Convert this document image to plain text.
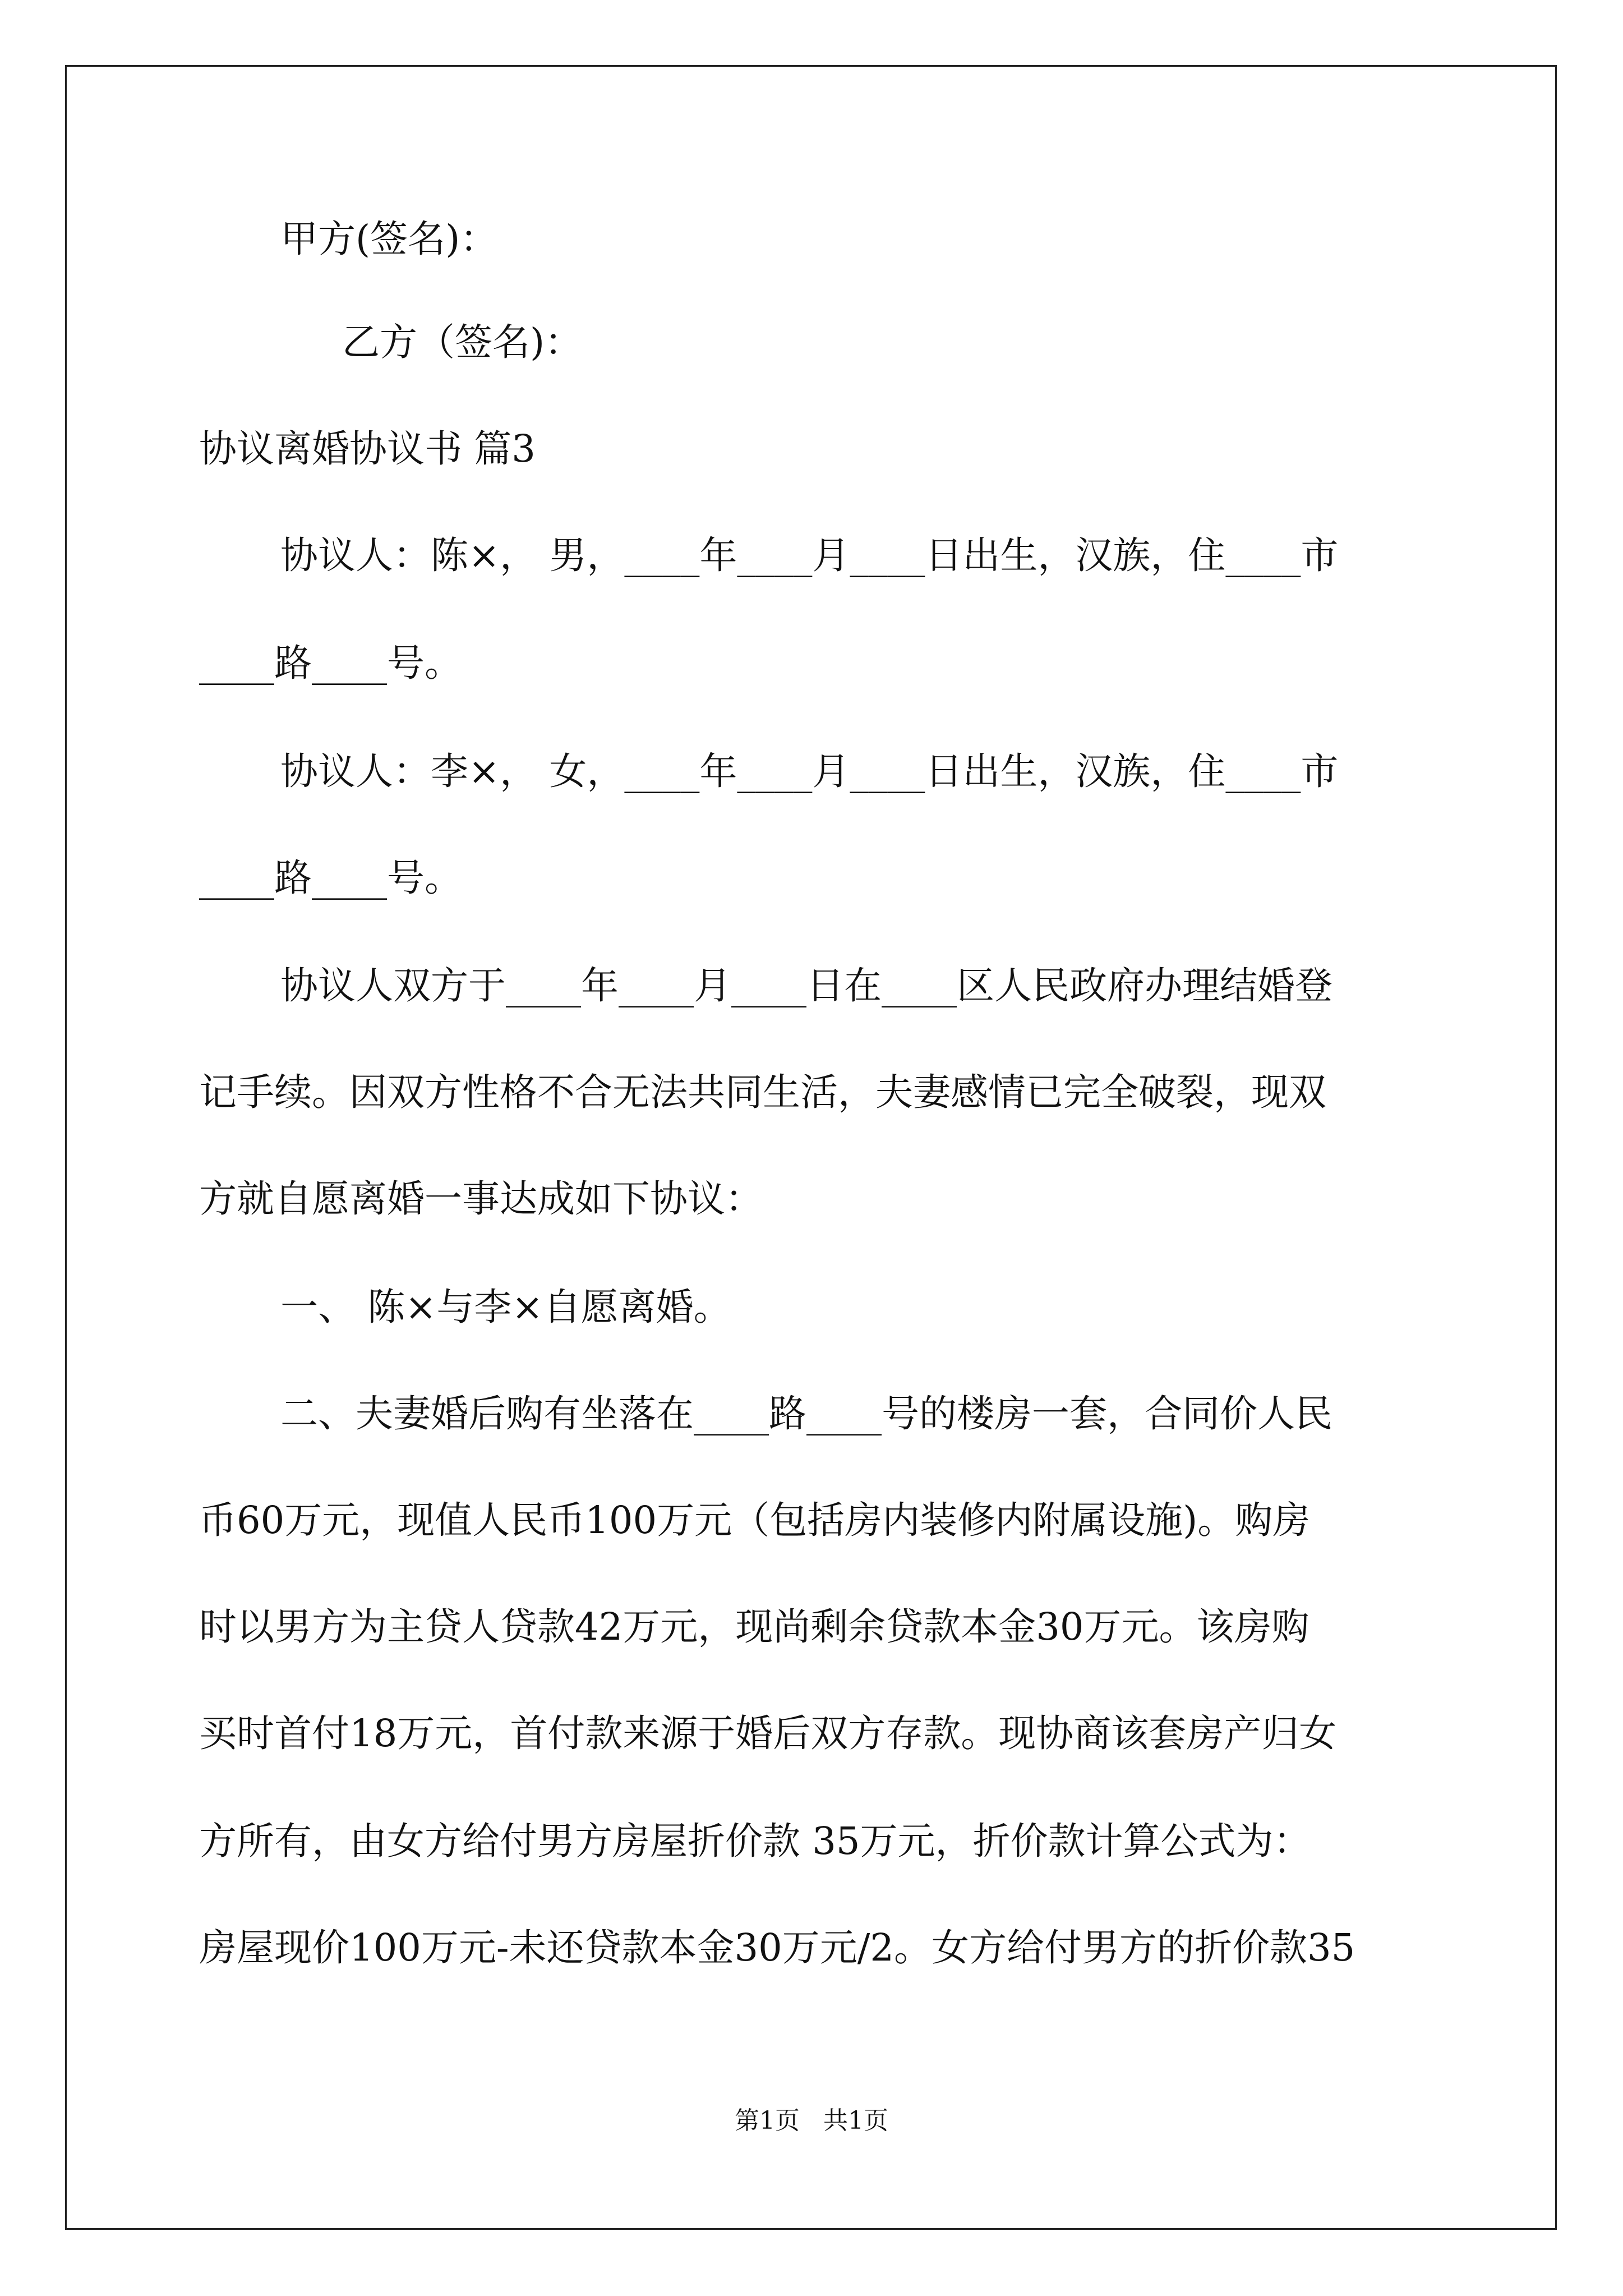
甲方(签名)：
乙方（签名)：
协议离婚协议书 篇3
协议人：陈×， 男，____年____月____日出生，汉族，住____市
____路____号。
协议人：李×， 女，____年____月____日出生，汉族，住____市
____路____号。
协议人双方于____年____月____日在____区人民政府办理结婚登
记手续。因双方性格不合无法共同生活，夫妻感情已完全破裂，现双
方就自愿离婚一事达成如下协议：
一、 陈×与李×自愿离婚。
二、夫妻婚后购有坐落在____路____号的楼房一套，合同价人民
币60万元，现值人民币100万元（包括房内装修内附属设施)。购房
时以男方为主贷人贷款42万元，现尚剩余贷款本金30万元。该房购
买时首付18万元，首付款来源于婚后双方存款。现协商该套房产归女
方所有，由女方给付男方房屋折价款 35万元，折价款计算公式为：
房屋现价100万元-未还贷款本金30万元/2。女方给付男方的折价款35
第1页   共1页
